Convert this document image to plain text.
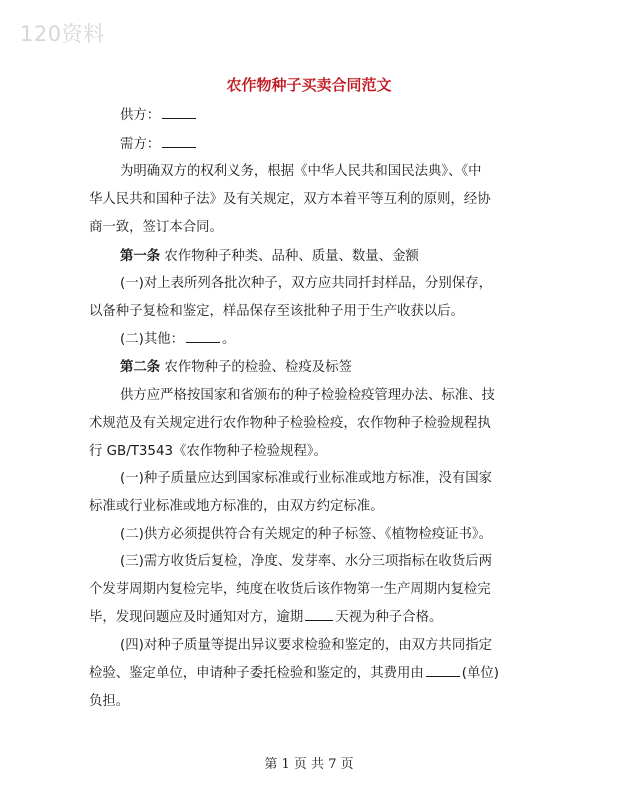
120资料
农作物种子买卖合同范文
供方：
需方：
为明确双方的权利义务，根据《中华人民共和国民法典》、《中
华人民共和国种子法》及有关规定，双方本着平等互利的原则，经协
商一致，签订本合同。
第一条 农作物种子种类、品种、质量、数量、金额
(一)对上表所列各批次种子，双方应共同扦封样品，分别保存，
以备种子复检和鉴定，样品保存至该批种子用于生产收获以后。
(二)其他：	。
第二条 农作物种子的检验、检疫及标签
供方应严格按国家和省颁布的种子检验检疫管理办法、标准、技
术规范及有关规定进行农作物种子检验检疫，农作物种子检验规程执
行 GB/T3543《农作物种子检验规程》。
(一)种子质量应达到国家标准或行业标准或地方标准，没有国家
标准或行业标准或地方标准的，由双方约定标准。
(二)供方必须提供符合有关规定的种子标签、《植物检疫证书》。
(三)需方收货后复检，净度、发芽率、水分三项指标在收货后两
个发芽周期内复检完毕，纯度在收货后该作物第一生产周期内复检完
毕，发现问题应及时通知对方，逾期 天视为种子合格。
(四)对种子质量等提出异议要求检验和鉴定的，由双方共同指定
检验、鉴定单位，申请种子委托检验和鉴定的，其费用由	(单位)
负担。
第 1 页 共 7 页
